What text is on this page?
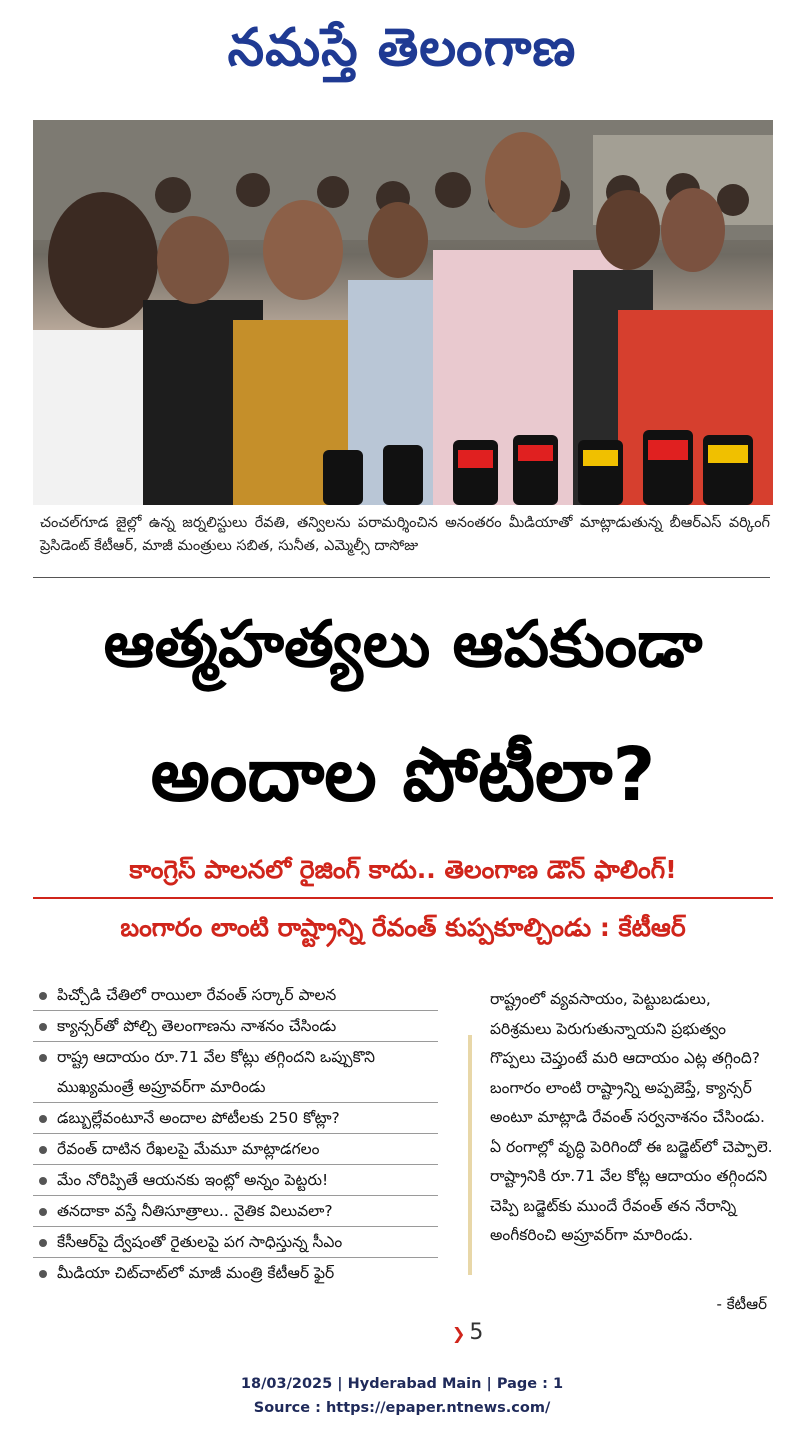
నమస్తే తెలంగాణ
చంచల్‌గూడ జైల్లో ఉన్న జర్నలిస్టులు రేవతి, తన్విలను పరామర్శించిన అనంతరం మీడియాతో మాట్లాడుతున్న బీఆర్‌ఎస్ వర్కింగ్ ప్రెసిడెంట్ కేటీఆర్, మాజీ మంత్రులు సబిత, సునీత, ఎమ్మెల్సీ దాసోజు
ఆత్మహత్యలు ఆపకుండా
అందాల పోటీలా?
కాంగ్రెస్ పాలనలో రైజింగ్ కాదు.. తెలంగాణ డౌన్ ఫాలింగ్!
బంగారం లాంటి రాష్ట్రాన్ని రేవంత్ కుప్పకూల్చిండు : కేటీఆర్
పిచ్చోడి చేతిలో రాయిలా రేవంత్ సర్కార్ పాలన
క్యాన్సర్‌తో పోల్చి తెలంగాణను నాశనం చేసిండు
రాష్ట్ర ఆదాయం రూ.71 వేల కోట్లు తగ్గిందని ఒప్పుకొని ముఖ్యమంత్రే అప్రూవర్‌గా మారిండు
డబ్బుల్లేవంటూనే అందాల పోటీలకు 250 కోట్లా?
రేవంత్ దాటిన రేఖలపై మేమూ మాట్లాడగలం
మేం నోరిప్పితే ఆయనకు ఇంట్లో అన్నం పెట్టరు!
తనదాకా వస్తే నీతిసూత్రాలు.. నైతిక విలువలా?
కేసీఆర్‌పై ద్వేషంతో రైతులపై పగ సాధిస్తున్న సీఎం
మీడియా చిట్‌చాట్‌లో మాజీ మంత్రి కేటీఆర్ ఫైర్
రాష్ట్రంలో వ్యవసాయం, పెట్టుబడులు, పరిశ్రమలు పెరుగుతున్నాయని ప్రభుత్వం గొప్పలు చెప్తుంటే మరి ఆదాయం ఎట్ల తగ్గింది? బంగారం లాంటి రాష్ట్రాన్ని అప్పజెప్తే, క్యాన్సర్ అంటూ మాట్లాడి రేవంత్ సర్వనాశనం చేసిండు. ఏ రంగాల్లో వృద్ధి పెరిగిందో ఈ బడ్జెట్‌లో చెప్పాలె. రాష్ట్రానికి రూ.71 వేల కోట్ల ఆదాయం తగ్గిందని చెప్పి బడ్జెట్‌కు ముందే రేవంత్ తన నేరాన్ని అంగీకరించి అప్రూవర్‌గా మారిండు.
- కేటీఆర్
❯ 5
18/03/2025 | Hyderabad Main | Page : 1
Source : https://epaper.ntnews.com/
